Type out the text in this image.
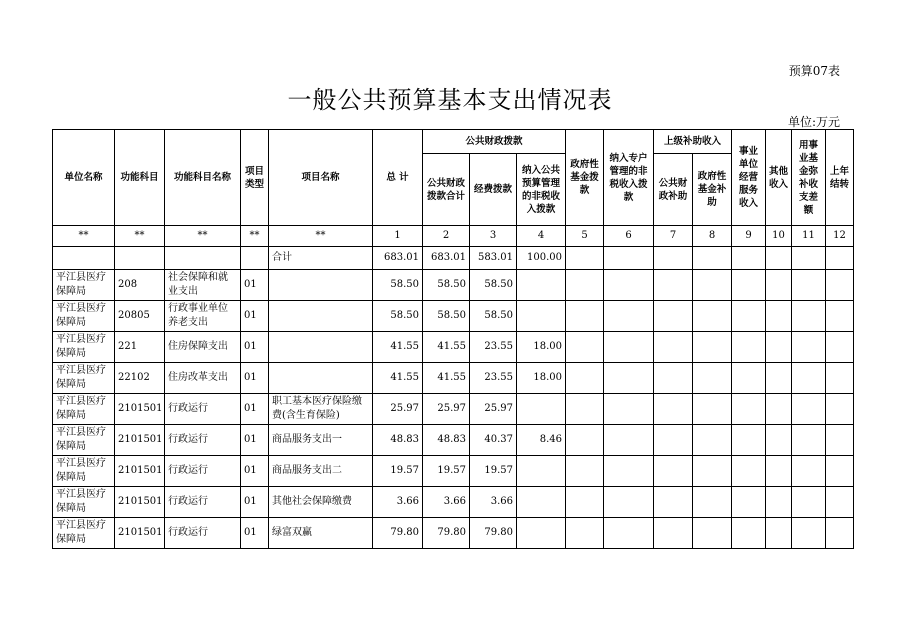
预算07表
一般公共预算基本支出情况表
单位:万元
单位名称	功能科目	功能科目名称	项目类型	项目名称	总 计	公共财政拨款			政府性基金拨款	纳入专户管理的非税收入拨款	上级补助收入		事业单位经营服务收入	其他收入	用事业基金弥补收支差额	上年结转
						公共财政拨款合计	经费拨款	纳入公共预算管理的非税收入拨款			公共财政补助	政府性基金补助				
**	**	**	**	**	1	2	3	4	5	6	7	8	9	10	11	12
				合计	683.01	683.01	583.01	100.00								
平江县医疗保障局	208	社会保障和就业支出	01		58.50	58.50	58.50									
平江县医疗保障局	20805	行政事业单位养老支出	01		58.50	58.50	58.50									
平江县医疗保障局	221	住房保障支出	01		41.55	41.55	23.55	18.00								
平江县医疗保障局	22102	住房改革支出	01		41.55	41.55	23.55	18.00								
平江县医疗保障局	2101501	行政运行	01	职工基本医疗保险缴费(含生育保险)	25.97	25.97	25.97									
平江县医疗保障局	2101501	行政运行	01	商品服务支出一	48.83	48.83	40.37	8.46								
平江县医疗保障局	2101501	行政运行	01	商品服务支出二	19.57	19.57	19.57									
平江县医疗保障局	2101501	行政运行	01	其他社会保障缴费	3.66	3.66	3.66									
平江县医疗保障局	2101501	行政运行	01	绿富双赢	79.80	79.80	79.80									
